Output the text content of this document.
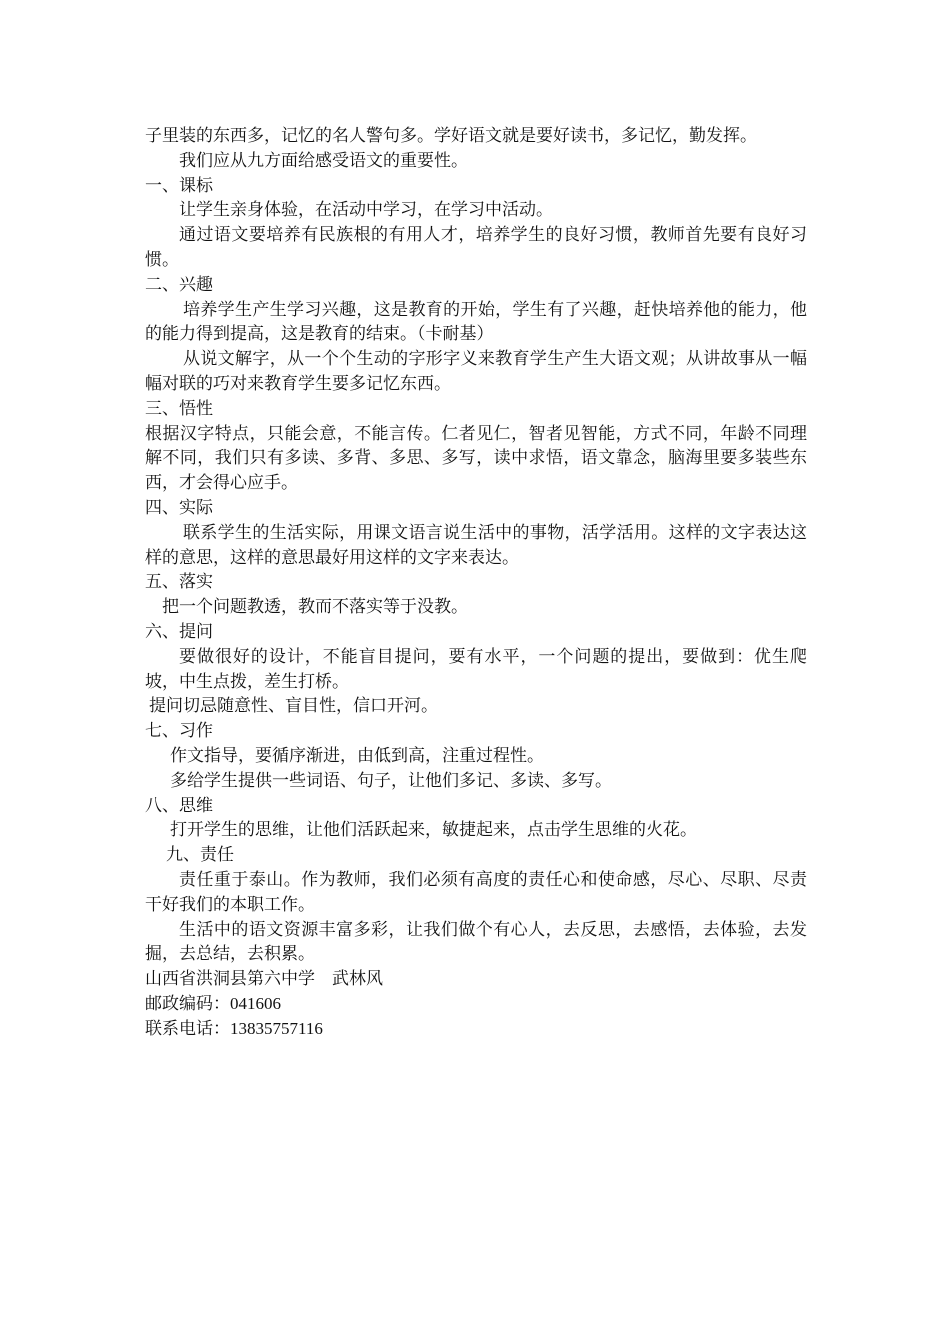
子里装的东西多，记忆的名人警句多。学好语文就是要好读书，多记忆，勤发挥。

我们应从九方面给感受语文的重要性。

一、课标

让学生亲身体验，在活动中学习，在学习中活动。

通过语文要培养有民族根的有用人才，培养学生的良好习惯，教师首先要有良好习惯。

二、兴趣

培养学生产生学习兴趣，这是教育的开始，学生有了兴趣，赶快培养他的能力，他的能力得到提高，这是教育的结束。（卡耐基）

从说文解字，从一个个生动的字形字义来教育学生产生大语文观；从讲故事从一幅幅对联的巧对来教育学生要多记忆东西。

三、悟性

根据汉字特点，只能会意，不能言传。仁者见仁，智者见智能，方式不同，年龄不同理解不同，我们只有多读、多背、多思、多写，读中求悟，语文靠念，脑海里要多装些东西，才会得心应手。

四、实际

联系学生的生活实际，用课文语言说生活中的事物，活学活用。这样的文字表达这样的意思，这样的意思最好用这样的文字来表达。

五、落实

把一个问题教透，教而不落实等于没教。

六、提问

要做很好的设计，不能盲目提问，要有水平，一个问题的提出，要做到：优生爬坡，中生点拨，差生打桥。

提问切忌随意性、盲目性，信口开河。

七、习作

作文指导，要循序渐进，由低到高，注重过程性。

多给学生提供一些词语、句子，让他们多记、多读、多写。

八、思维

打开学生的思维，让他们活跃起来，敏捷起来，点击学生思维的火花。

九、责任

责任重于泰山。作为教师，我们必须有高度的责任心和使命感，尽心、尽职、尽责干好我们的本职工作。

生活中的语文资源丰富多彩，让我们做个有心人，去反思，去感悟，去体验，去发掘，去总结，去积累。

山西省洪洞县第六中学　武林风

邮政编码：041606

联系电话：13835757116
